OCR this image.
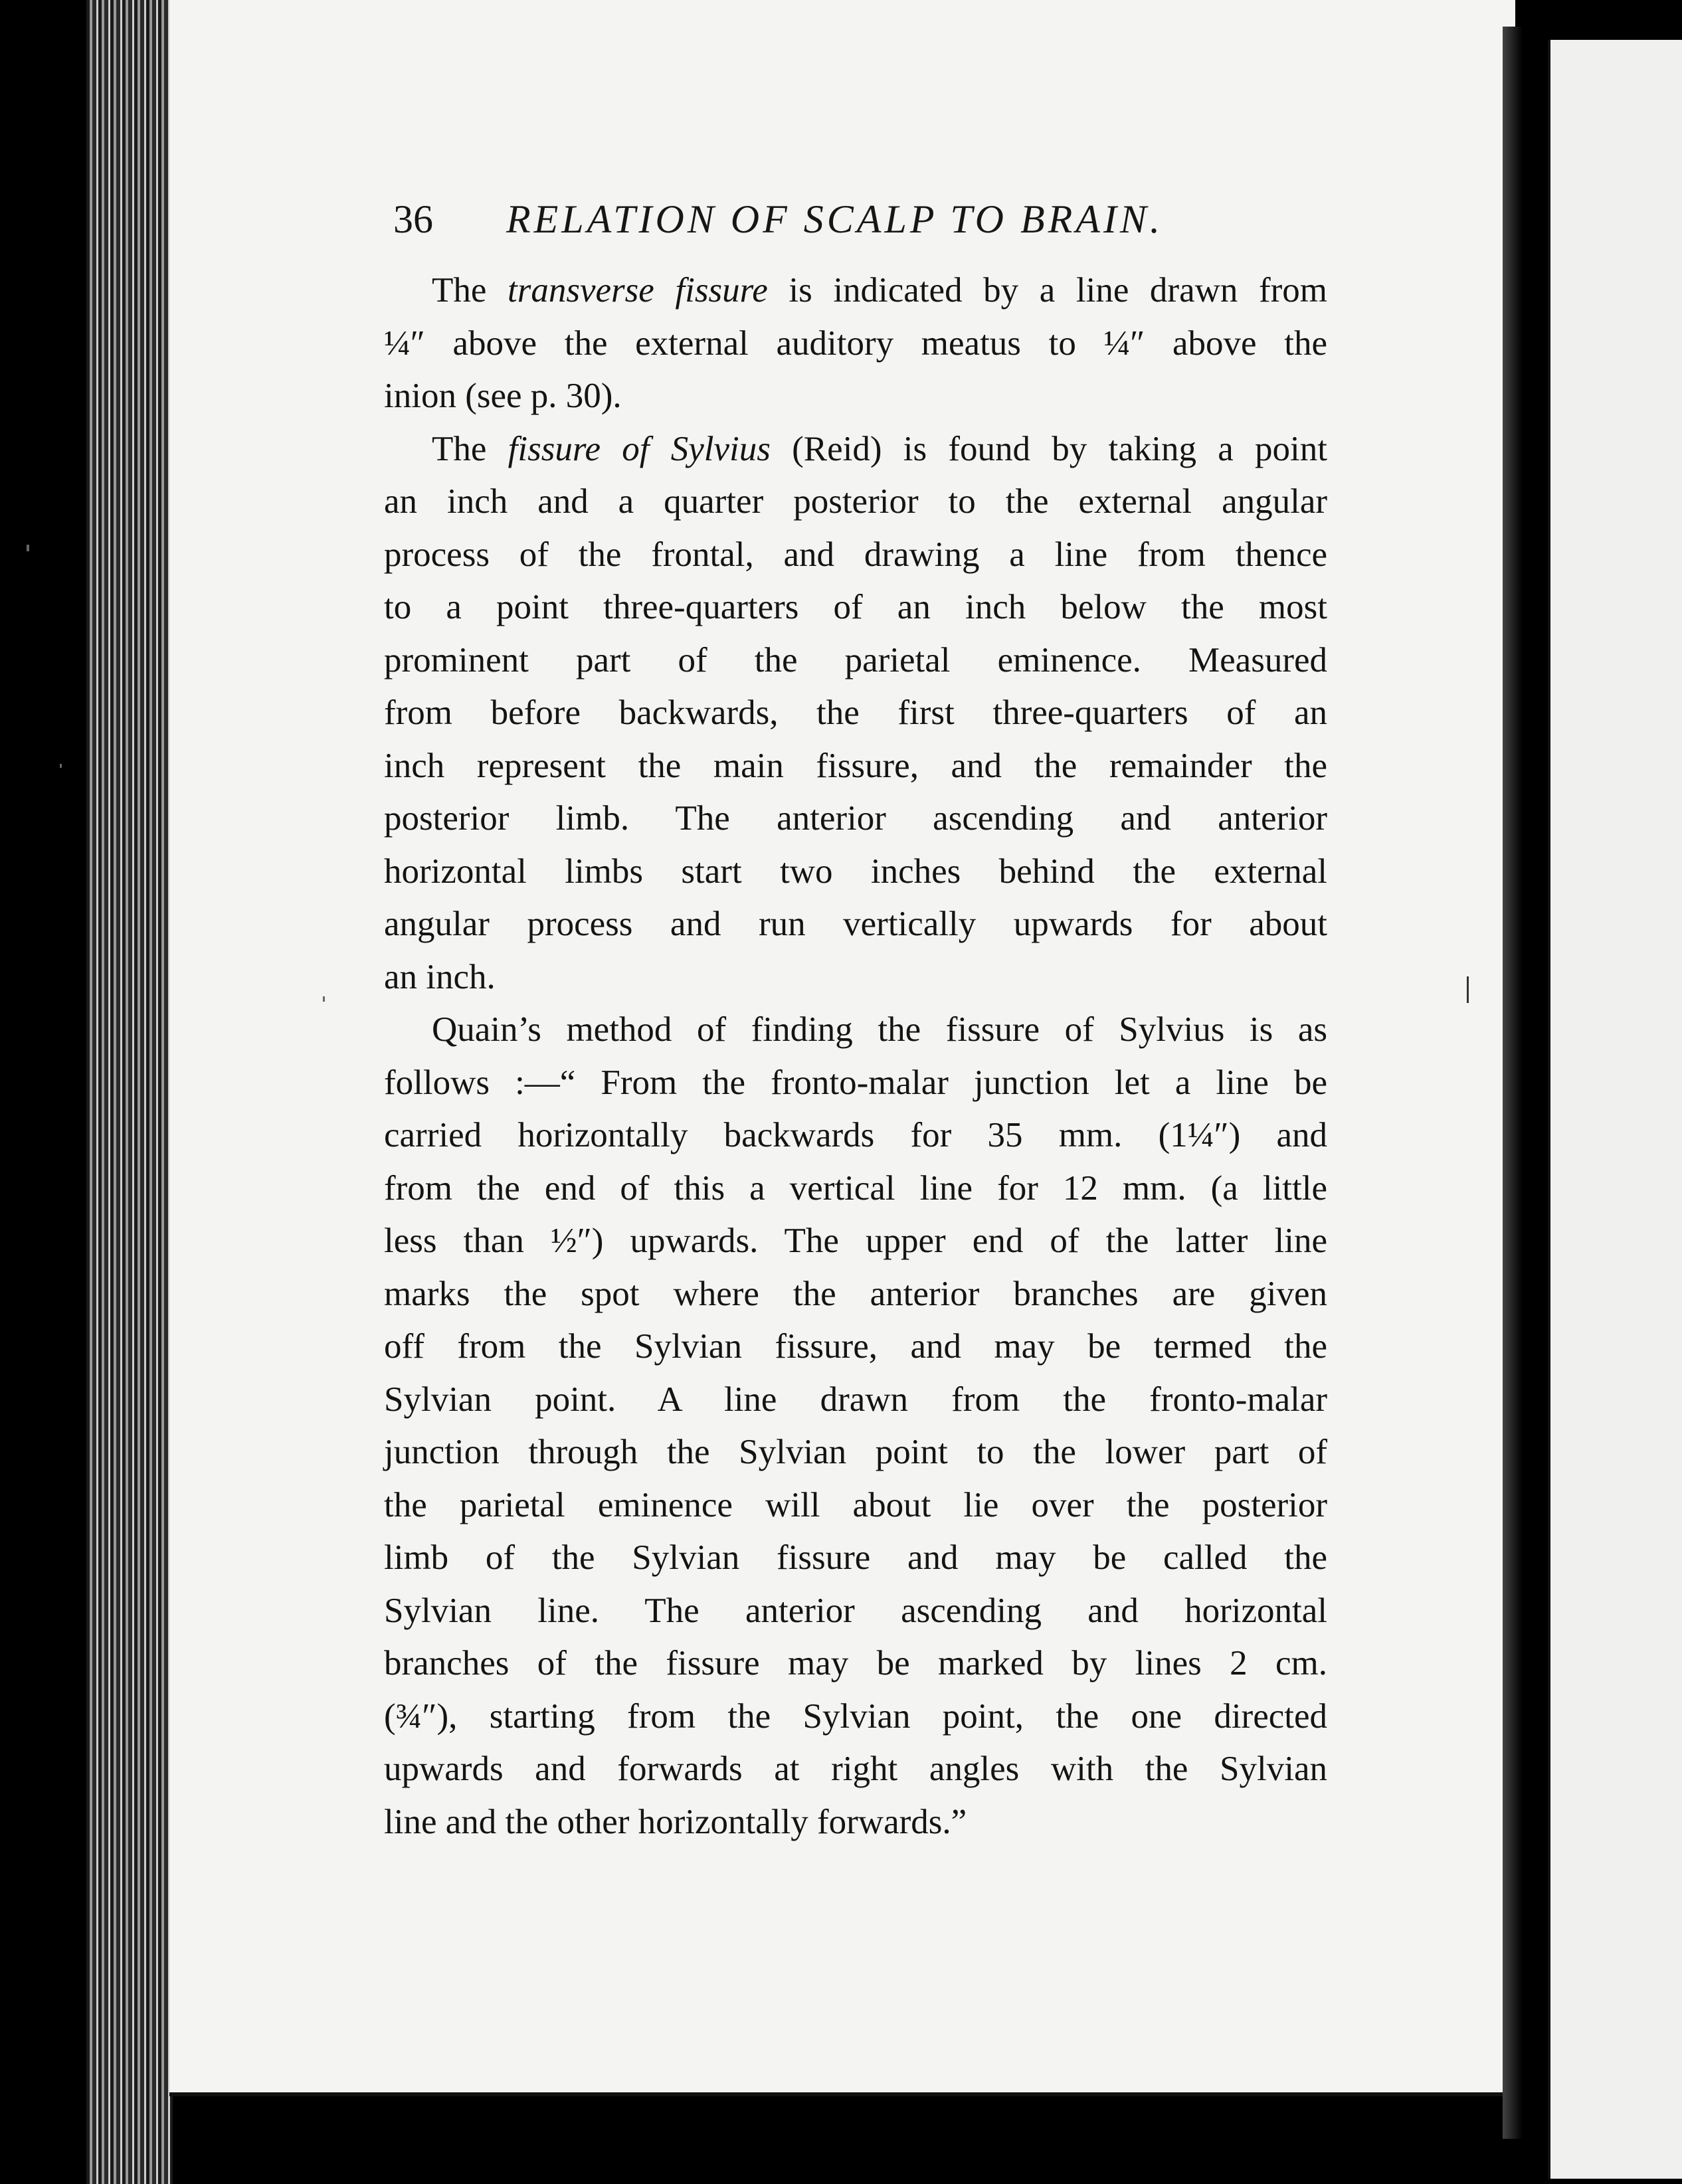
36	RELATION OF SCALP TO BRAIN.
The transverse fissure is indicated by a line drawn from
¼″ above the external auditory meatus to ¼″ above the
inion (see p. 30).
The fissure of Sylvius (Reid) is found by taking a point
an inch and a quarter posterior to the external angular
process of the frontal, and drawing a line from thence
to a point three-quarters of an inch below the most
prominent part of the parietal eminence. Measured
from before backwards, the first three-quarters of an
inch represent the main fissure, and the remainder the
posterior limb. The anterior ascending and anterior
horizontal limbs start two inches behind the external
angular process and run vertically upwards for about
an inch.
Quain’s method of finding the fissure of Sylvius is as
follows :—“ From the fronto-malar junction let a line be
carried horizontally backwards for 35 mm. (1¼″) and
from the end of this a vertical line for 12 mm. (a little
less than ½″) upwards. The upper end of the latter line
marks the spot where the anterior branches are given
off from the Sylvian fissure, and may be termed the
Sylvian point. A line drawn from the fronto-malar
junction through the Sylvian point to the lower part of
the parietal eminence will about lie over the posterior
limb of the Sylvian fissure and may be called the
Sylvian line. The anterior ascending and horizontal
branches of the fissure may be marked by lines 2 cm.
(¾″), starting from the Sylvian point, the one directed
upwards and forwards at right angles with the Sylvian
line and the other horizontally forwards.”
